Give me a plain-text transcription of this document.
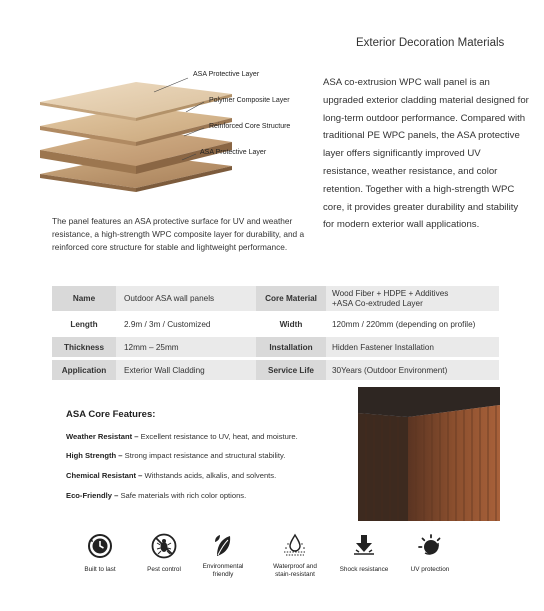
Exterior Decoration Materials
ASA Protective Layer
Polymer Composite Layer
Reinforced Core Structure
ASA Protective Layer
ASA co-extrusion WPC wall panel is an upgraded exterior cladding material designed for long-term outdoor performance. Compared with traditional PE WPC panels, the ASA protective layer offers significantly improved UV resistance, weather resistance, and color retention. Together with a high-strength WPC core, it provides greater durability and stability for modern exterior wall applications.
The panel features an ASA protective surface for UV and weather resistance, a high-strength WPC composite layer for durability, and a reinforced core structure for stable and lightweight performance.
Name	Outdoor ASA wall panels	Core Material	Wood Fiber + HDPE + Additives
+ASA Co-extruded Layer

Length	2.9m / 3m / Customized	Width	120mm / 220mm (depending on profile)

Thickness	12mm – 25mm	Installation	Hidden Fastener Installation

Application	Exterior Wall Cladding	Service Life	30Years (Outdoor Environment)
ASA Core Features:
Weather Resistant – Excellent resistance to UV, heat, and moisture.
High Strength – Strong impact resistance and structural stability.
Chemical Resistant – Withstands acids, alkalis, and solvents.
Eco-Friendly – Safe materials with rich color options.
Built to last	Pest control	Environmental
friendly
Waterproof and
stain-resistant
Shock resistance	UV protection
